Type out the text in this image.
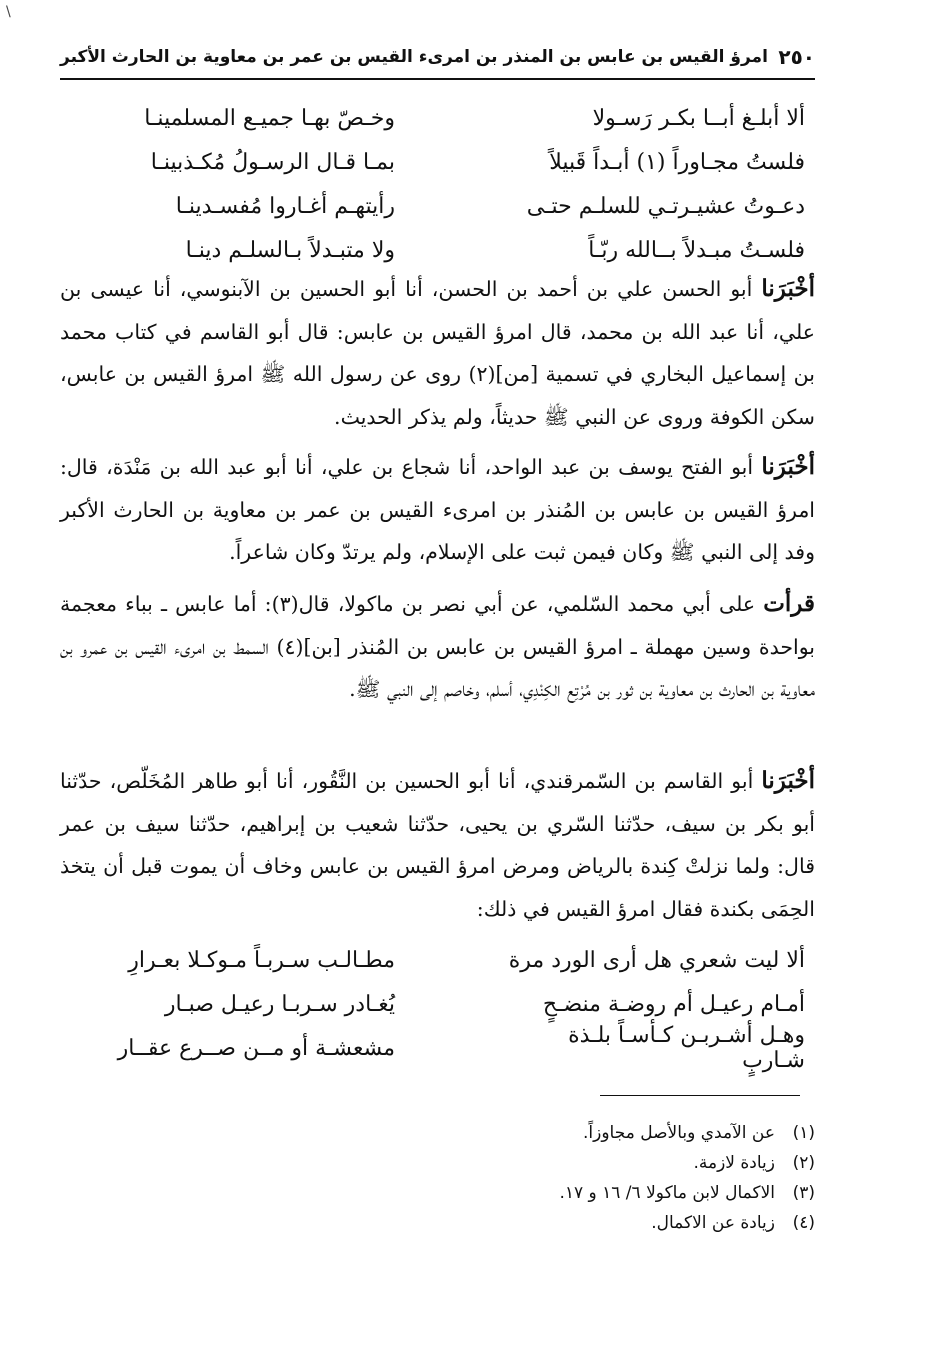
\
٢٥٠
امرؤ القيس بن عابس بن المنذر بن امرىء القيس بن عمر بن معاوية بن الحارث الأكبر
ألا أبلـغ أبــا بكـر رَسـولا
وخـصّ بهـا جميـع المسلمينـا
فلستُ مجـاوراً (١) أبـداً قَبيلاً
بمـا قـال الرسـولُ مُكـذبينـا
دعـوتُ عشيـرتـي للسلـم حتـى
رأيتهـم أغـاروا مُفسـدينـا
فلسـتُ مبـدلاً بــالله ربّـاً
ولا متبـدلاً بـالسلـم دينـا

أخْبَرَنا أبو الحسن علي بن أحمد بن الحسن، أنا أبو الحسين بن الآبنوسي، أنا عيسى بن علي، أنا عبد الله بن محمد، قال امرؤ القيس بن عابس: قال أبو القاسم في كتاب محمد بن إسماعيل البخاري في تسمية [من](٢) روى عن رسول الله ﷺ امرؤ القيس بن عابس، سكن الكوفة وروى عن النبي ﷺ حديثاً، ولم يذكر الحديث.

أخْبَرَنا أبو الفتح يوسف بن عبد الواحد، أنا شجاع بن علي، أنا أبو عبد الله بن مَنْدَة، قال: امرؤ القيس بن عابس بن المُنذر بن امرىء القيس بن عمر بن معاوية بن الحارث الأكبر وفد إلى النبي ﷺ وكان فيمن ثبت على الإسلام، ولم يرتدّ وكان شاعراً.

قرأت على أبي محمد السّلمي، عن أبي نصر بن ماكولا، قال(٣): أما عابس ـ بباء معجمة بواحدة وسين مهملة ـ امرؤ القيس بن عابس بن المُنذر [بن](٤) السمط بن امرىء القيس بن عمرو بن معاوية بن الحارث بن معاوية بن ثور بن مُرْتِع الكِنْدِي، أسلم، وخاصم إلى النبي ﷺ.

أخْبَرَنا أبو القاسم بن السّمرقندي، أنا أبو الحسين بن النَّقُور، أنا أبو طاهر المُخَلّص، حدّثنا أبو بكر بن سيف، حدّثنا السّري بن يحيى، حدّثنا شعيب بن إبراهيم، حدّثنا سيف بن عمر قال: ولما نزلتْ كِندة بالرياض ومرض امرؤ القيس بن عابس وخاف أن يموت قبل أن يتخذ الحِمَى بكندة فقال امرؤ القيس في ذلك:

ألا ليت شعري هل أرى الورد مرة
مطـالـب سـربـاً مـوكـلا بعـرارِ
أمـام رعيـل أم روضـة منضـحٍ
يُغـادر سـربـا رعيـل صبـار
وهـل أشـربـن كـأسـاً بلـذة شـاربٍ
مشعشـة أو مــن صــرع عقــار
(١)
عن الآمدي وبالأصل مجاوزاً.
(٢)
زيادة لازمة.
(٣)
الاكمال لابن ماكولا ٦/ ١٦ و ١٧.
(٤)
زيادة عن الاكمال.
